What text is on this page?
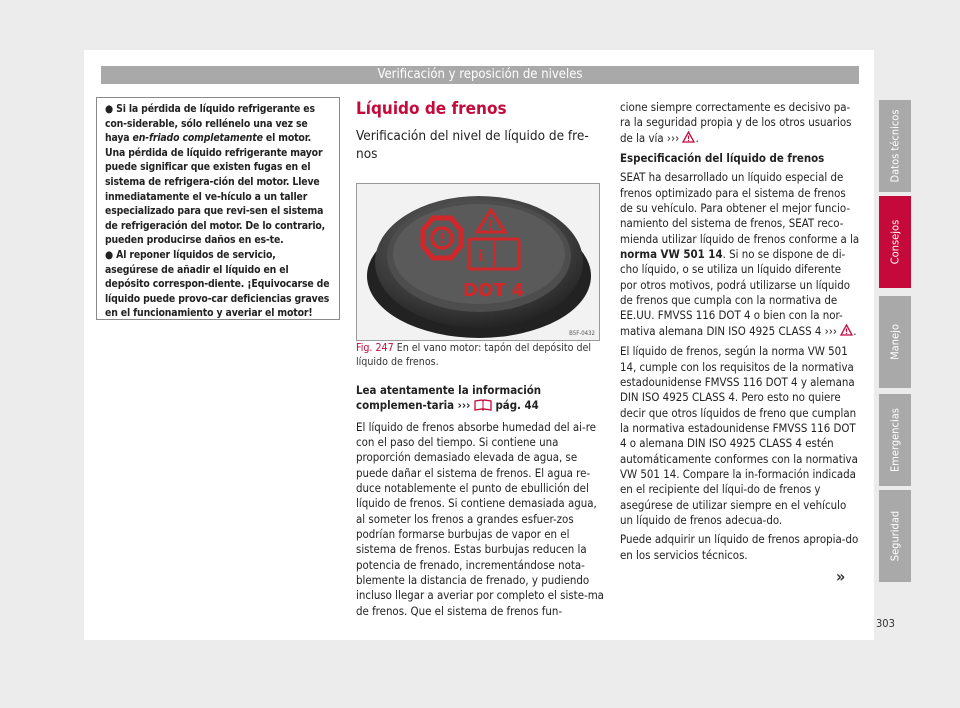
Verificación y reposición de niveles

● Si la pérdida de líquido refrigerante es con-siderable, sólo rellénelo una vez se haya en-friado completamente el motor. Una pérdida de líquido refrigerante mayor puede significar que existen fugas en el sistema de refrigera-ción del motor. Lleve inmediatamente el ve-hículo a un taller especializado para que revi-sen el sistema de refrigeración del motor. De lo contrario, pueden producirse daños en es-te.

● Al reponer líquidos de servicio, asegúrese de añadir el líquido en el depósito correspon-diente. ¡Equivocarse de líquido puede provo-car deficiencias graves en el funcionamiento y averiar el motor!

Líquido de frenos
Verificación del nivel de líquido de fre-nos
!
!
i
DOT 4
B5F-0432
Fig. 247 En el vano motor: tapón del depósito del líquido de frenos.

Lea atentamente la información complemen-taria ››› pág. 44

El líquido de frenos absorbe humedad del ai-re con el paso del tiempo. Si contiene una proporción demasiado elevada de agua, se puede dañar el sistema de frenos. El agua re-duce notablemente el punto de ebullición del líquido de frenos. Si contiene demasiada agua, al someter los frenos a grandes esfuer-zos podrían formarse burbujas de vapor en el sistema de frenos. Estas burbujas reducen la potencia de frenado, incrementándose nota-blemente la distancia de frenado, y pudiendo incluso llegar a averiar por completo el siste-ma de frenos. Que el sistema de frenos fun-

cione siempre correctamente es decisivo pa-ra la seguridad propia y de los otros usuarios de la vía ››› .

Especificación del líquido de frenos

SEAT ha desarrollado un líquido especial de frenos optimizado para el sistema de frenos de su vehículo. Para obtener el mejor funcio-namiento del sistema de frenos, SEAT reco-mienda utilizar líquido de frenos conforme a la norma VW 501 14. Si no se dispone de di-cho líquido, o se utiliza un líquido diferente por otros motivos, podrá utilizarse un líquido de frenos que cumpla con la normativa de EE.UU. FMVSS 116 DOT 4 o bien con la nor-mativa alemana DIN ISO 4925 CLASS 4 ››› .

El líquido de frenos, según la norma VW 501 14, cumple con los requisitos de la normativa estadounidense FMVSS 116 DOT 4 y alemana DIN ISO 4925 CLASS 4. Pero esto no quiere decir que otros líquidos de freno que cumplan la normativa estadounidense FMVSS 116 DOT 4 o alemana DIN ISO 4925 CLASS 4 estén automáticamente conformes con la normativa VW 501 14. Compare la in-formación indicada en el recipiente del líqui-do de frenos y asegúrese de utilizar siempre en el vehículo un líquido de frenos adecua-do.

Puede adquirir un líquido de frenos apropia-do en los servicios técnicos.

»
Datos técnicos
Consejos
Manejo
Emergencias
Seguridad
303
